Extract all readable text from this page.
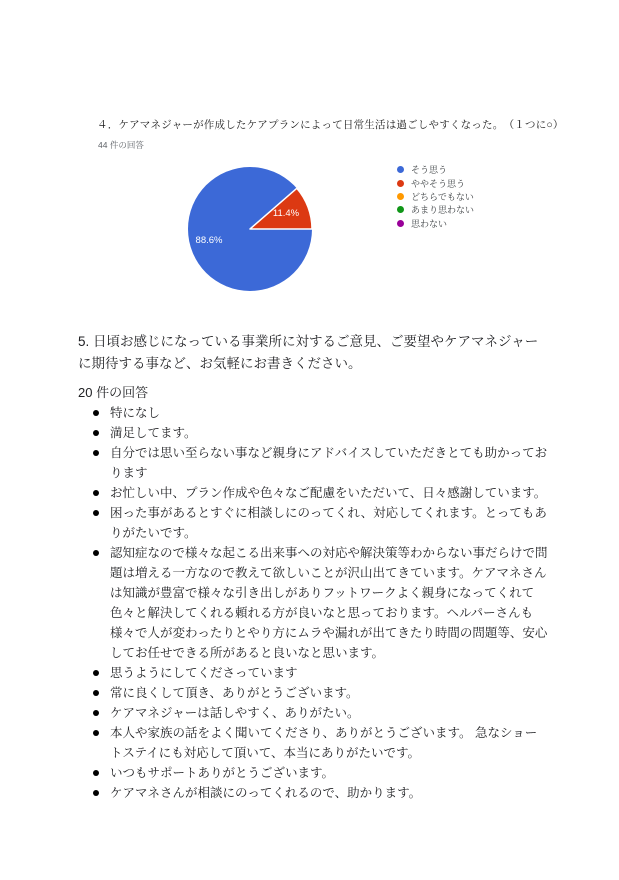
４．ケアマネジャーが作成したケアプランによって日常生活は過ごしやすくなった。　（１つに○）
44 件の回答
88.6%
11.4%
そう思う
ややそう思う
どちらでもない
あまり思わない
思わない
5. 日頃お感じになっている事業所に対するご意見、ご要望やケアマネジャーに期待する事など、お気軽にお書きください。
20 件の回答
特になし
満足してます。
自分では思い至らない事など親身にアドバイスしていただきとても助かっております
お忙しい中、プラン作成や色々なご配慮をいただいて、日々感謝しています。
困った事があるとすぐに相談しにのってくれ、対応してくれます。とってもありがたいです。
認知症なので様々な起こる出来事への対応や解決策等わからない事だらけで問題は増える一方なので教えて欲しいことが沢山出てきています。ケアマネさんは知識が豊富で様々な引き出しがありフットワークよく親身になってくれて色々と解決してくれる頼れる方が良いなと思っております。ヘルパーさんも様々で人が変わったりとやり方にムラや漏れが出てきたり時間の問題等、安心してお任せできる所があると良いなと思います。
思うようにしてくださっています
常に良くして頂き、ありがとうございます。
ケアマネジャーは話しやすく、ありがたい。
本人や家族の話をよく聞いてくださり、ありがとうございます。 急なショートステイにも対応して頂いて、本当にありがたいです。
いつもサポートありがとうございます。
ケアマネさんが相談にのってくれるので、助かります。
